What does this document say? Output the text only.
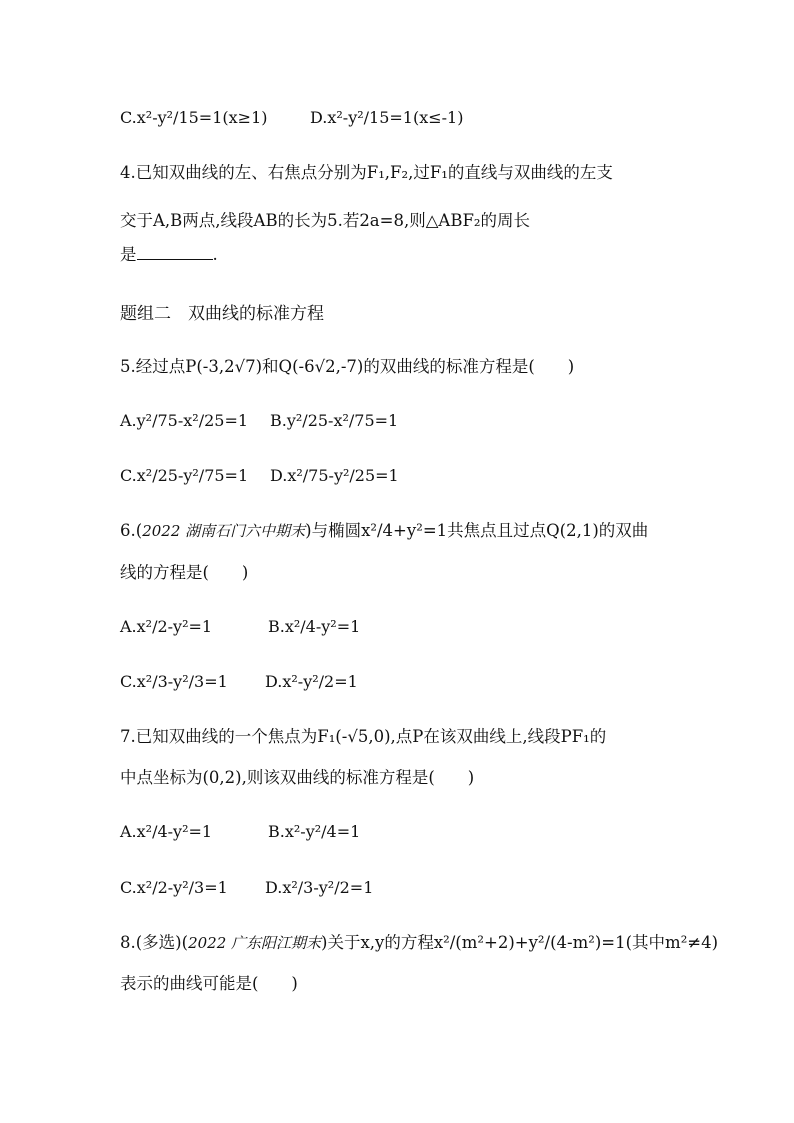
C.x²-y²/15=1(x≥1)	D.x²-y²/15=1(x≤-1)
4.已知双曲线的左、右焦点分别为F₁,F₂,过F₁的直线与双曲线的左支
交于A,B两点,线段AB的长为5.若2a=8,则△ABF₂的周长
是	.
题组二　双曲线的标准方程
5.经过点P(-3,2√7)和Q(-6√2,-7)的双曲线的标准方程是(　　)
A.y²/75-x²/25=1 B.y²/25-x²/75=1
C.x²/25-y²/75=1 D.x²/75-y²/25=1
6.(2022 湖南石门六中期末)与椭圆x²/4+y²=1共焦点且过点Q(2,1)的双曲
线的方程是(　　)
A.x²/2-y²=1	B.x²/4-y²=1
C.x²/3-y²/3=1 D.x²-y²/2=1
7.已知双曲线的一个焦点为F₁(-√5,0),点P在该双曲线上,线段PF₁的
中点坐标为(0,2),则该双曲线的标准方程是(　　)
A.x²/4-y²=1	B.x²-y²/4=1
C.x²/2-y²/3=1 D.x²/3-y²/2=1
8.(多选)(2022 广东阳江期末)关于x,y的方程x²/(m²+2)+y²/(4-m²)=1(其中m²≠4)
表示的曲线可能是(　　)
